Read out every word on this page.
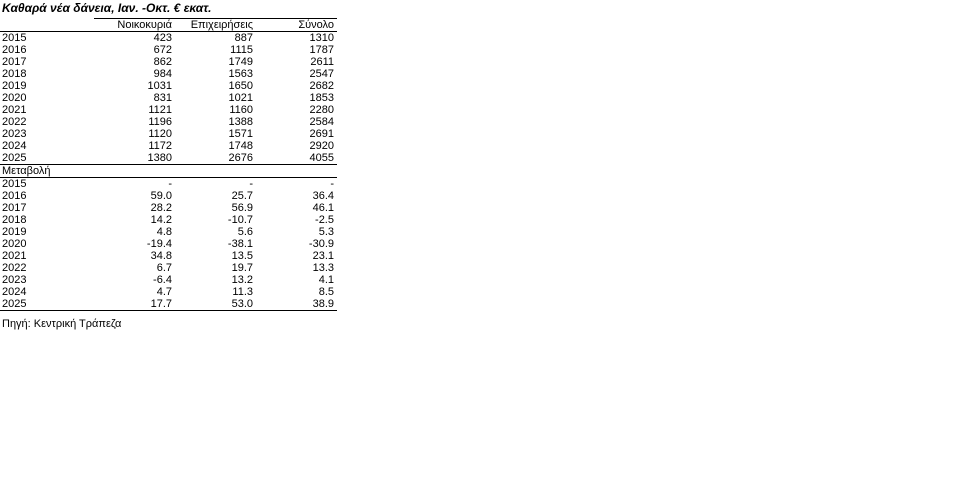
Καθαρά νέα δάνεια, Ιαν. -Οκτ. € εκατ.
	Νοικοκυριά	Επιχειρήσεις	Σύνολο
2015	423	887	1310
2016	672	1115	1787
2017	862	1749	2611
2018	984	1563	2547
2019	1031	1650	2682
2020	831	1021	1853
2021	1121	1160	2280
2022	1196	1388	2584
2023	1120	1571	2691
2024	1172	1748	2920
2025	1380	2676	4055
Μεταβολή			
2015	-	-	-
2016	59.0	25.7	36.4
2017	28.2	56.9	46.1
2018	14.2	-10.7	-2.5
2019	4.8	5.6	5.3
2020	-19.4	-38.1	-30.9
2021	34.8	13.5	23.1
2022	6.7	19.7	13.3
2023	-6.4	13.2	4.1
2024	4.7	11.3	8.5
2025	17.7	53.0	38.9
Πηγή: Κεντρική Τράπεζα
